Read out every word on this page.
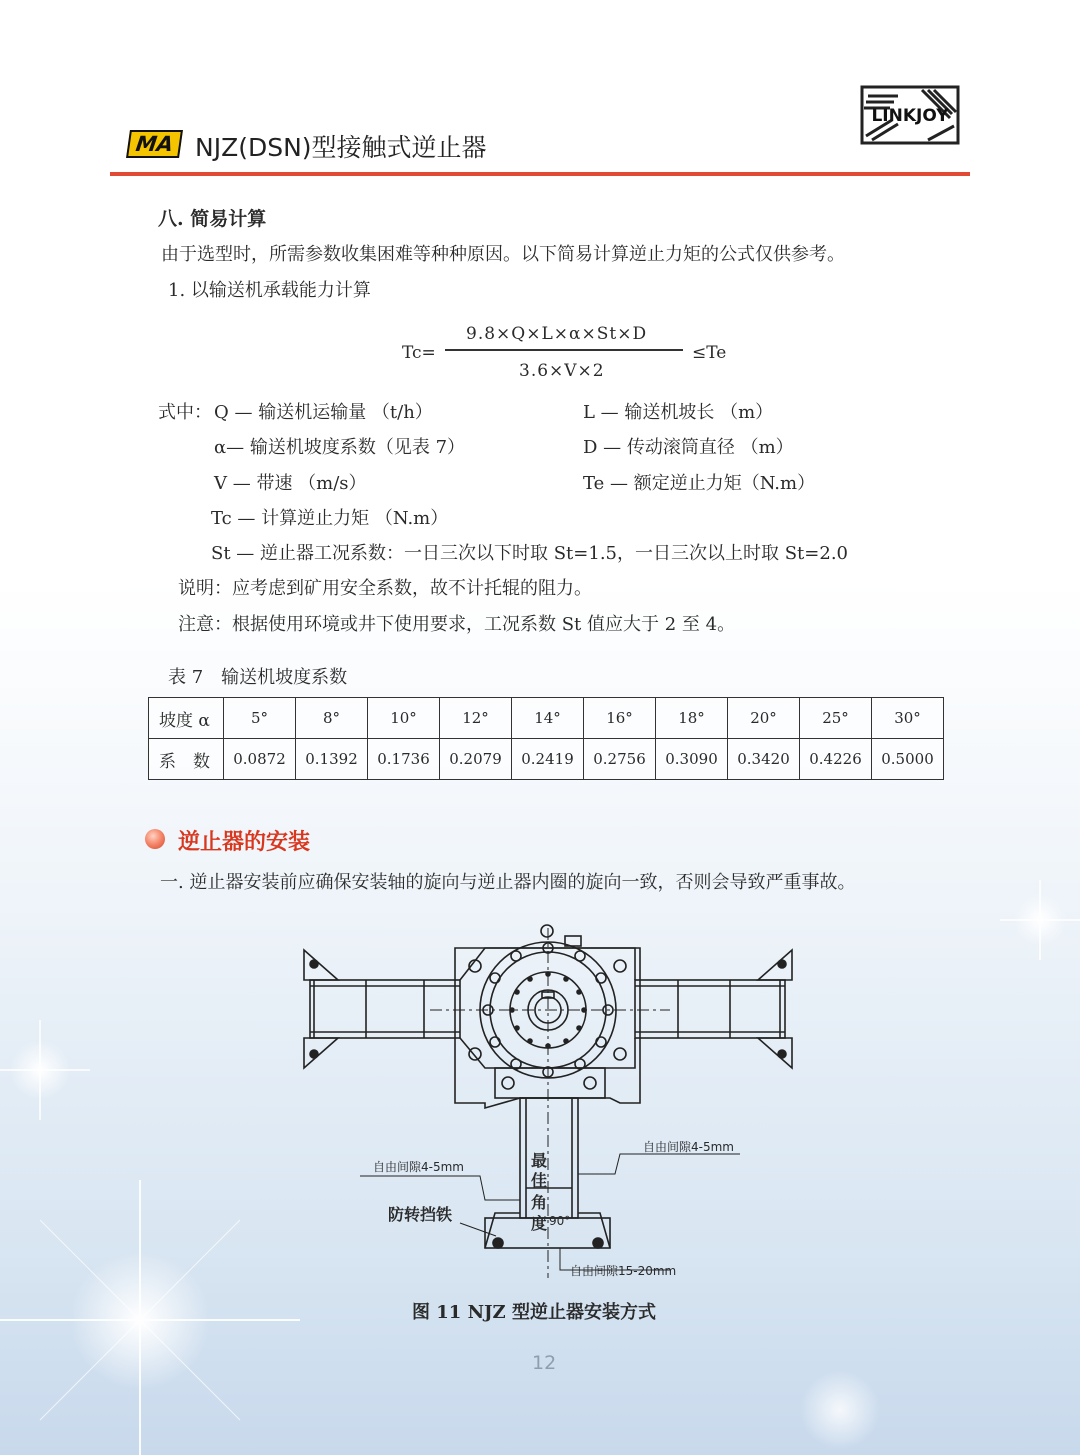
MA NJZ(DSN)型接触式逆止器
LINKJOY
八. 简易计算
由于选型时，所需参数收集困难等种种原因。以下简易计算逆止力矩的公式仅供参考。
1. 以输送机承载能力计算
Tc=
9.8×Q×L×α×St×D
3.6×V×2
≤Te
式中： Q — 输送机运输量 （t/h）	L — 输送机坡长 （m）
α— 输送机坡度系数（见表 7）	D — 传动滚筒直径 （m）
V — 带速 （m/s）	Te — 额定逆止力矩（N.m）
Tc — 计算逆止力矩 （N.m）
St — 逆止器工况系数：一日三次以下时取 St=1.5，一日三次以上时取 St=2.0
说明：应考虑到矿用安全系数，故不计托辊的阻力。
注意：根据使用环境或井下使用要求，工况系数 St 值应大于 2 至 4。
表 7　输送机坡度系数
坡度 α	5°	8°	10°	12°	14°	16°	18°	20°	25°	30°
系　数	0.0872	0.1392	0.1736	0.2079	0.2419	0.2756	0.3090	0.3420	0.4226	0.5000
逆止器的安装
一. 逆止器安装前应确保安装轴的旋向与逆止器内圈的旋向一致，否则会导致严重事故。
自由间隙4-5mm
自由间隙4-5mm
自由间隙15-20mm
防转挡铁
最
佳
角
度 90°
图 11 NJZ 型逆止器安装方式
12
